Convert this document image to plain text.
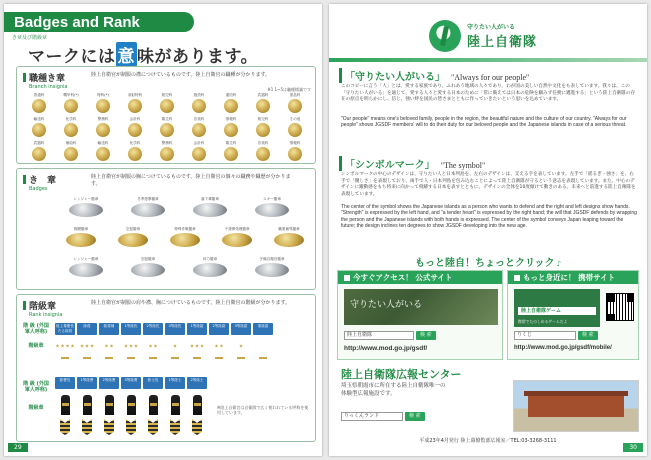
Badges and Rank
き章及び階級章
マークには 意 味があります。
職種き章
Branch insignia
陸上自衛官が制服の襟につけているものです。陸上自衛官の職種が分かります。
※1 1~5は職種標識です
普通科	機甲科(*)	特科(*)	高射特科	航空科	施設科	通信科	武器科	需品科
輸送科	化学科	警務科	会計科	衛生科	音楽科	情報科	航空科	その他
武器科	補給科	輸送科	化学科	警務科	会計科	衛生科	音楽科	情報科
き　章
Badges
陸上自衛官が制服の胸につけているものです。陸上自衛官の個々の職務や職歴が分かります。
レンジャー徽章	冬季遊撃徽章	落下傘徽章	スキー徽章
格闘徽章	空挺徽章	特殊作戦徽章	不発弾処理徽章	職業補導徽章
レンジャー徽章	空挺徽章	体力徽章	予備自衛官徽章
階級章
Rank insignia
陸上自衛官が制服の肩や襟、胸につけているものです。陸上自衛官の階級が分かります。
階 級 (外国軍人呼称)
陸上幕僚長たる陸将
陸将	陸将補	1等陸佐	2等陸佐	3等陸佐	1等陸尉	2等陸尉	3等陸尉	准陸尉
階級章
階 級 (外国軍人呼称)
陸曹長	1等陸曹	2等陸曹	3等陸曹	陸士長	1等陸士	2等陸士
階級章	※陸上自衛官は自衛隊で広く使われている呼称を使用しています。
29
守りたい人がいる
陸上自衛隊
「守りたい人がいる」 "Always for our people"
このコピーに言う「人」とは、愛する家族であり、ふれあう地域の人々であり、わが国の美しい自然や文化をも表しています。我々は、この「守りたい人がいる」を通じて、愛する人々と愛する日本のために「常に備えては日本の危険を顧みず任務に邁進する」という陸上自衛隊の存在の原点を明らかにし、信じ、強い絆を国民の皆さまとともに作っていきたいという思いを込めています。
"Our people" means one's beloved family, people in the region, the beautiful nature and the culture of our country. "Always for our people" shows JGSDF members' will to do their duty for our beloved people and the Japanese islands in case of a serious threat.
「シンボルマーク」 "The symbol"
シンボルマークの中心のデザインは、守りたい人と日本列島を、左右のデザインは、支える手を表しています。左手で「揺るぎ・強さ」を、右手で「優しさ」を表現しており、両手で人・日本列島を包み込むことによって陸上自衛隊が守るという意志を表現しています。また、中心のデザインに躍動感をもち将来に向かって飛躍する日本を表すとともに、デザインの全体を10度傾けて動きのある、未来へと前進する陸上自衛隊を表現しています。
The center of the symbol shows the Japanese islands as a person who wants to defend and the right and left designs show hands. "Strength" is expressed by the left hand, and "a tender heart" is expressed by the right hand; the will that JGSDF defends by wrapping the person and the Japanese islands with both hands is expressed. The center of the symbol conveys Japan leaping toward the future; the design inclines ten degrees to show JGSDF developing into the new age.
もっと陸自！ちょっとクリック ♪
今すぐアクセス！ 公式サイト
守りたい人がいる
陸上自衛隊	検 索
http://www.mod.go.jp/gsdf/
もっと身近に！ 携帯サイト
陸上自衛隊ゲーム
携帯でたのしめるゲームだよ
りくじ	検 索
http://www.mod.go.jp/gsdf/mobile/
陸上自衛隊広報センター
埼玉県朝霞市に所在する陸上自衛隊唯一の
体験型広報施設です。
りっくんランド	検 索
平成23年4月発行 陸上幕僚監部広報室／TEL:03-3268-3111
30
